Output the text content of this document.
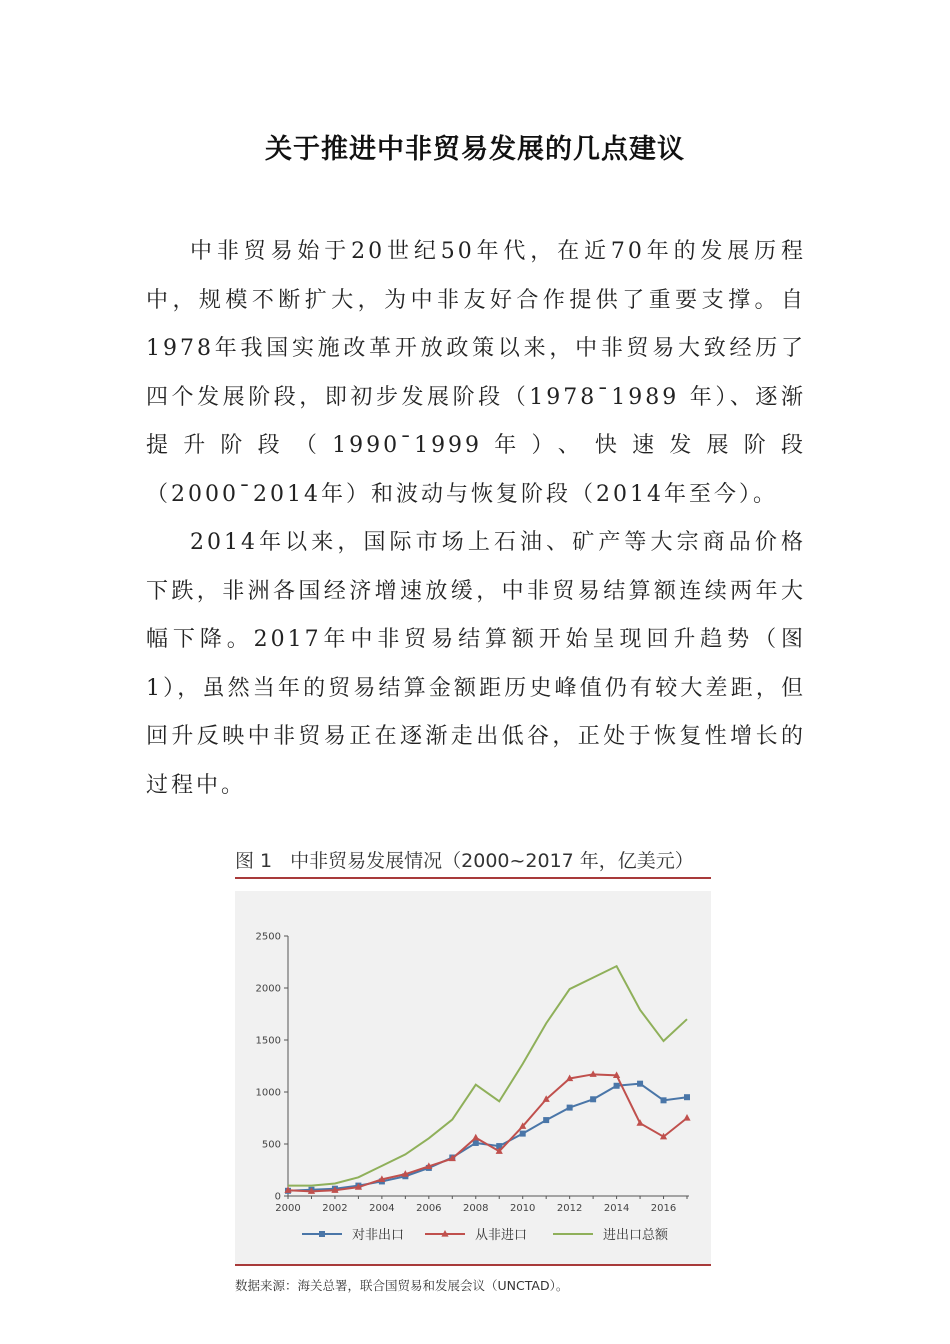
关于推进中非贸易发展的几点建议

中非贸易始于20世纪50年代，在近70年的发展历程中，规模不断扩大，为中非友好合作提供了重要支撑。自1978年我国实施改革开放政策以来，中非贸易大致经历了四个发展阶段，即初步发展阶段（1978¯1989 年）、逐渐提升阶段（1990¯1999年）、快速发展阶段（2000¯2014年）和波动与恢复阶段（2014年至今）。

2014年以来，国际市场上石油、矿产等大宗商品价格下跌，非洲各国经济增速放缓，中非贸易结算额连续两年大幅下降。2017年中非贸易结算额开始呈现回升趋势（图1），虽然当年的贸易结算金额距历史峰值仍有较大差距，但回升反映中非贸易正在逐渐走出低谷，正处于恢复性增长的过程中。

图 1 中非贸易发展情况（2000~2017 年，亿美元）
0
500
1000
1500
2000
2500
2000 2002 2004 2006 2008 2010 2012 2014 2016
对非出口	从非进口	进出口总额
数据来源：海关总署，联合国贸易和发展会议（UNCTAD）。
